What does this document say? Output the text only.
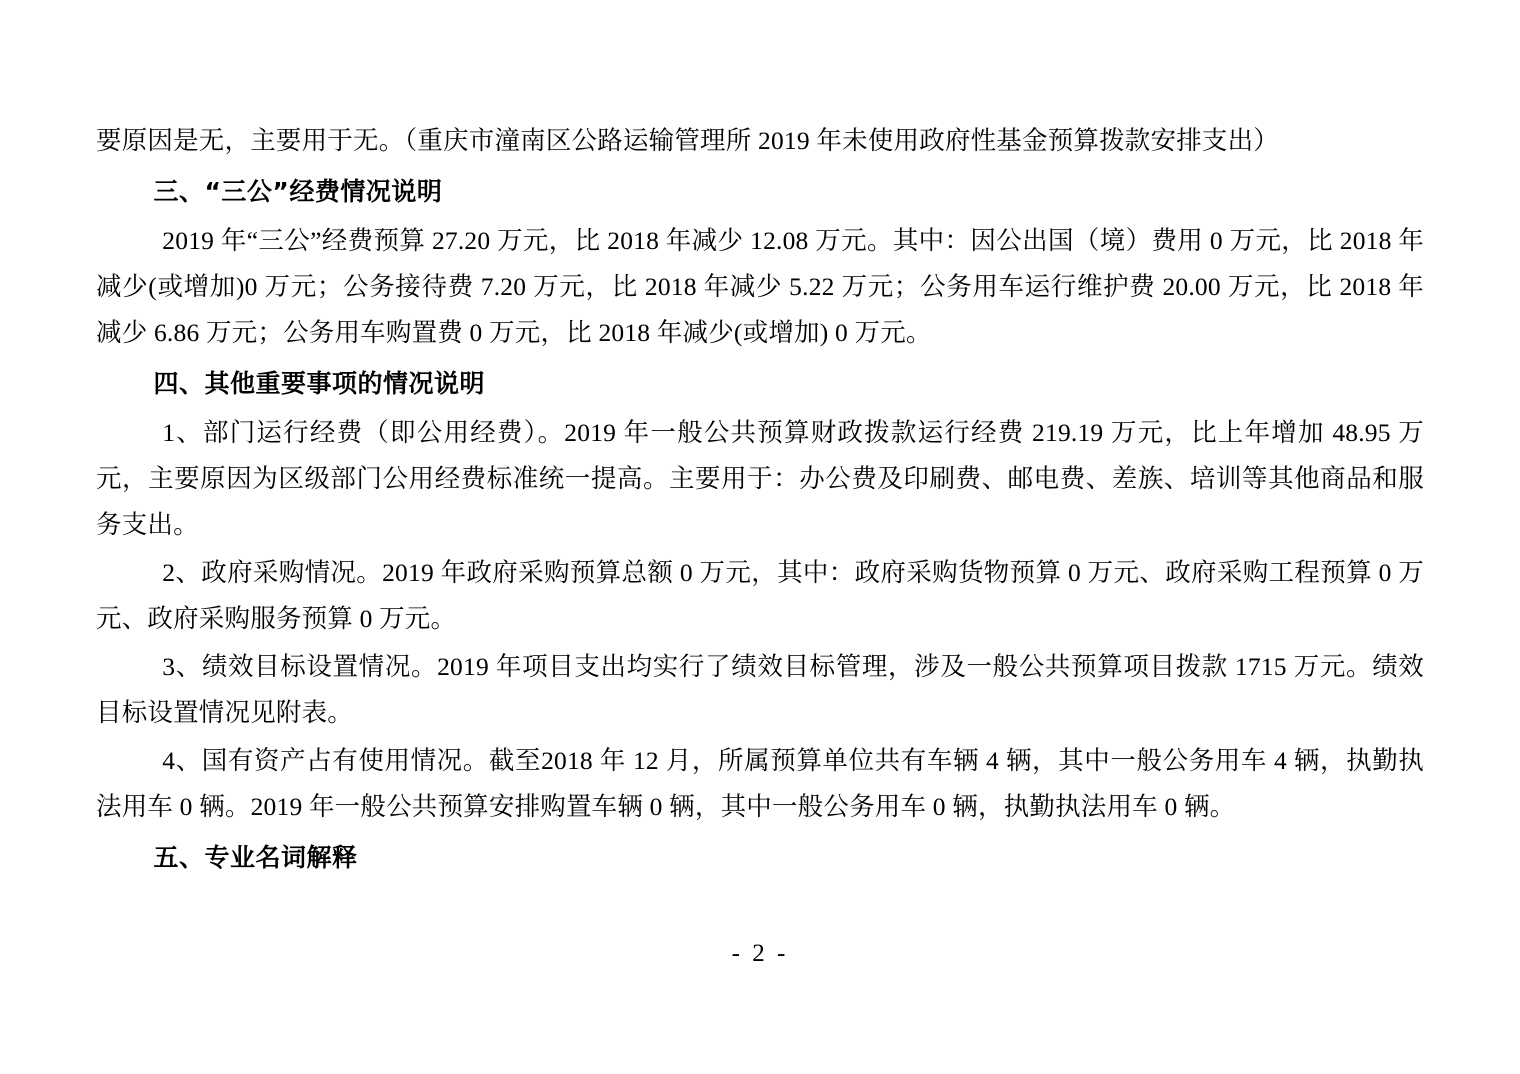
要原因是无，主要用于无。（重庆市潼南区公路运输管理所 2019 年未使用政府性基金预算拨款安排支出）

三、“三公”经费情况说明

2019 年“三公”经费预算 27.20 万元，比 2018 年减少 12.08 万元。其中：因公出国（境）费用 0 万元，比 2018 年减少(或增加)0 万元；公务接待费 7.20 万元，比 2018 年减少 5.22 万元；公务用车运行维护费 20.00 万元，比 2018 年减少 6.86 万元；公务用车购置费 0 万元，比 2018 年减少(或增加) 0 万元。

四、其他重要事项的情况说明

1、部门运行经费（即公用经费）。2019 年一般公共预算财政拨款运行经费 219.19 万元，比上年增加 48.95 万元，主要原因为区级部门公用经费标准统一提高。主要用于：办公费及印刷费、邮电费、差族、培训等其他商品和服务支出。

2、政府采购情况。2019 年政府采购预算总额 0 万元，其中：政府采购货物预算 0 万元、政府采购工程预算 0 万元、政府采购服务预算 0 万元。

3、绩效目标设置情况。2019 年项目支出均实行了绩效目标管理，涉及一般公共预算项目拨款 1715 万元。绩效目标设置情况见附表。

4、国有资产占有使用情况。截至2018 年 12 月，所属预算单位共有车辆 4 辆，其中一般公务用车 4 辆，执勤执法用车 0 辆。2019 年一般公共预算安排购置车辆 0 辆，其中一般公务用车 0 辆，执勤执法用车 0 辆。

五、专业名词解释
- 2 -
